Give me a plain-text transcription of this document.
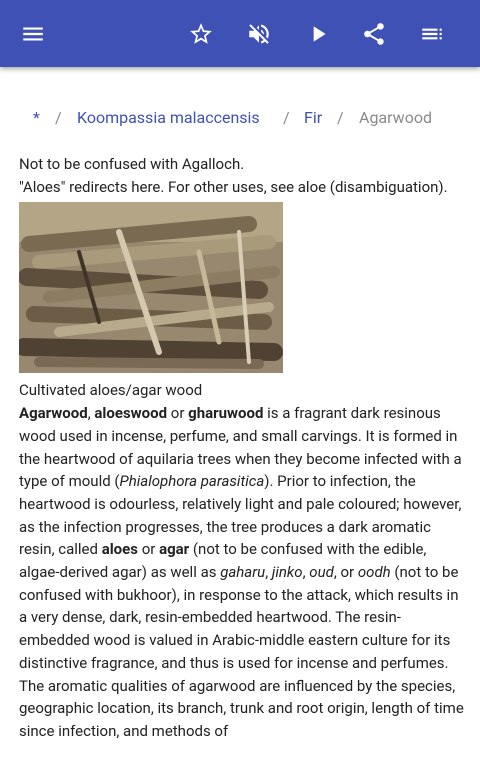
* / Koompassia malaccensis / Fir / Agarwood

Not to be confused with Agalloch.

"Aloes" redirects here. For other uses, see aloe (disambiguation).

Cultivated aloes/agar wood

Agarwood, aloeswood or gharuwood is a fragrant dark resinous wood used in incense, perfume, and small carvings. It is formed in the heartwood of aquilaria trees when they become infected with a type of mould (Phialophora parasitica). Prior to infection, the heartwood is odourless, relatively light and pale coloured; however, as the infection progresses, the tree produces a dark aromatic resin, called aloes or agar (not to be confused with the edible, algae-derived agar) as well as gaharu, jinko, oud, or oodh (not to be confused with bukhoor), in response to the attack, which results in a very dense, dark, resin-embedded heartwood. The resin-embedded wood is valued in Arabic-middle eastern culture for its distinctive fragrance, and thus is used for incense and perfumes. The aromatic qualities of agarwood are influenced by the species, geographic location, its branch, trunk and root origin, length of time since infection, and methods of
